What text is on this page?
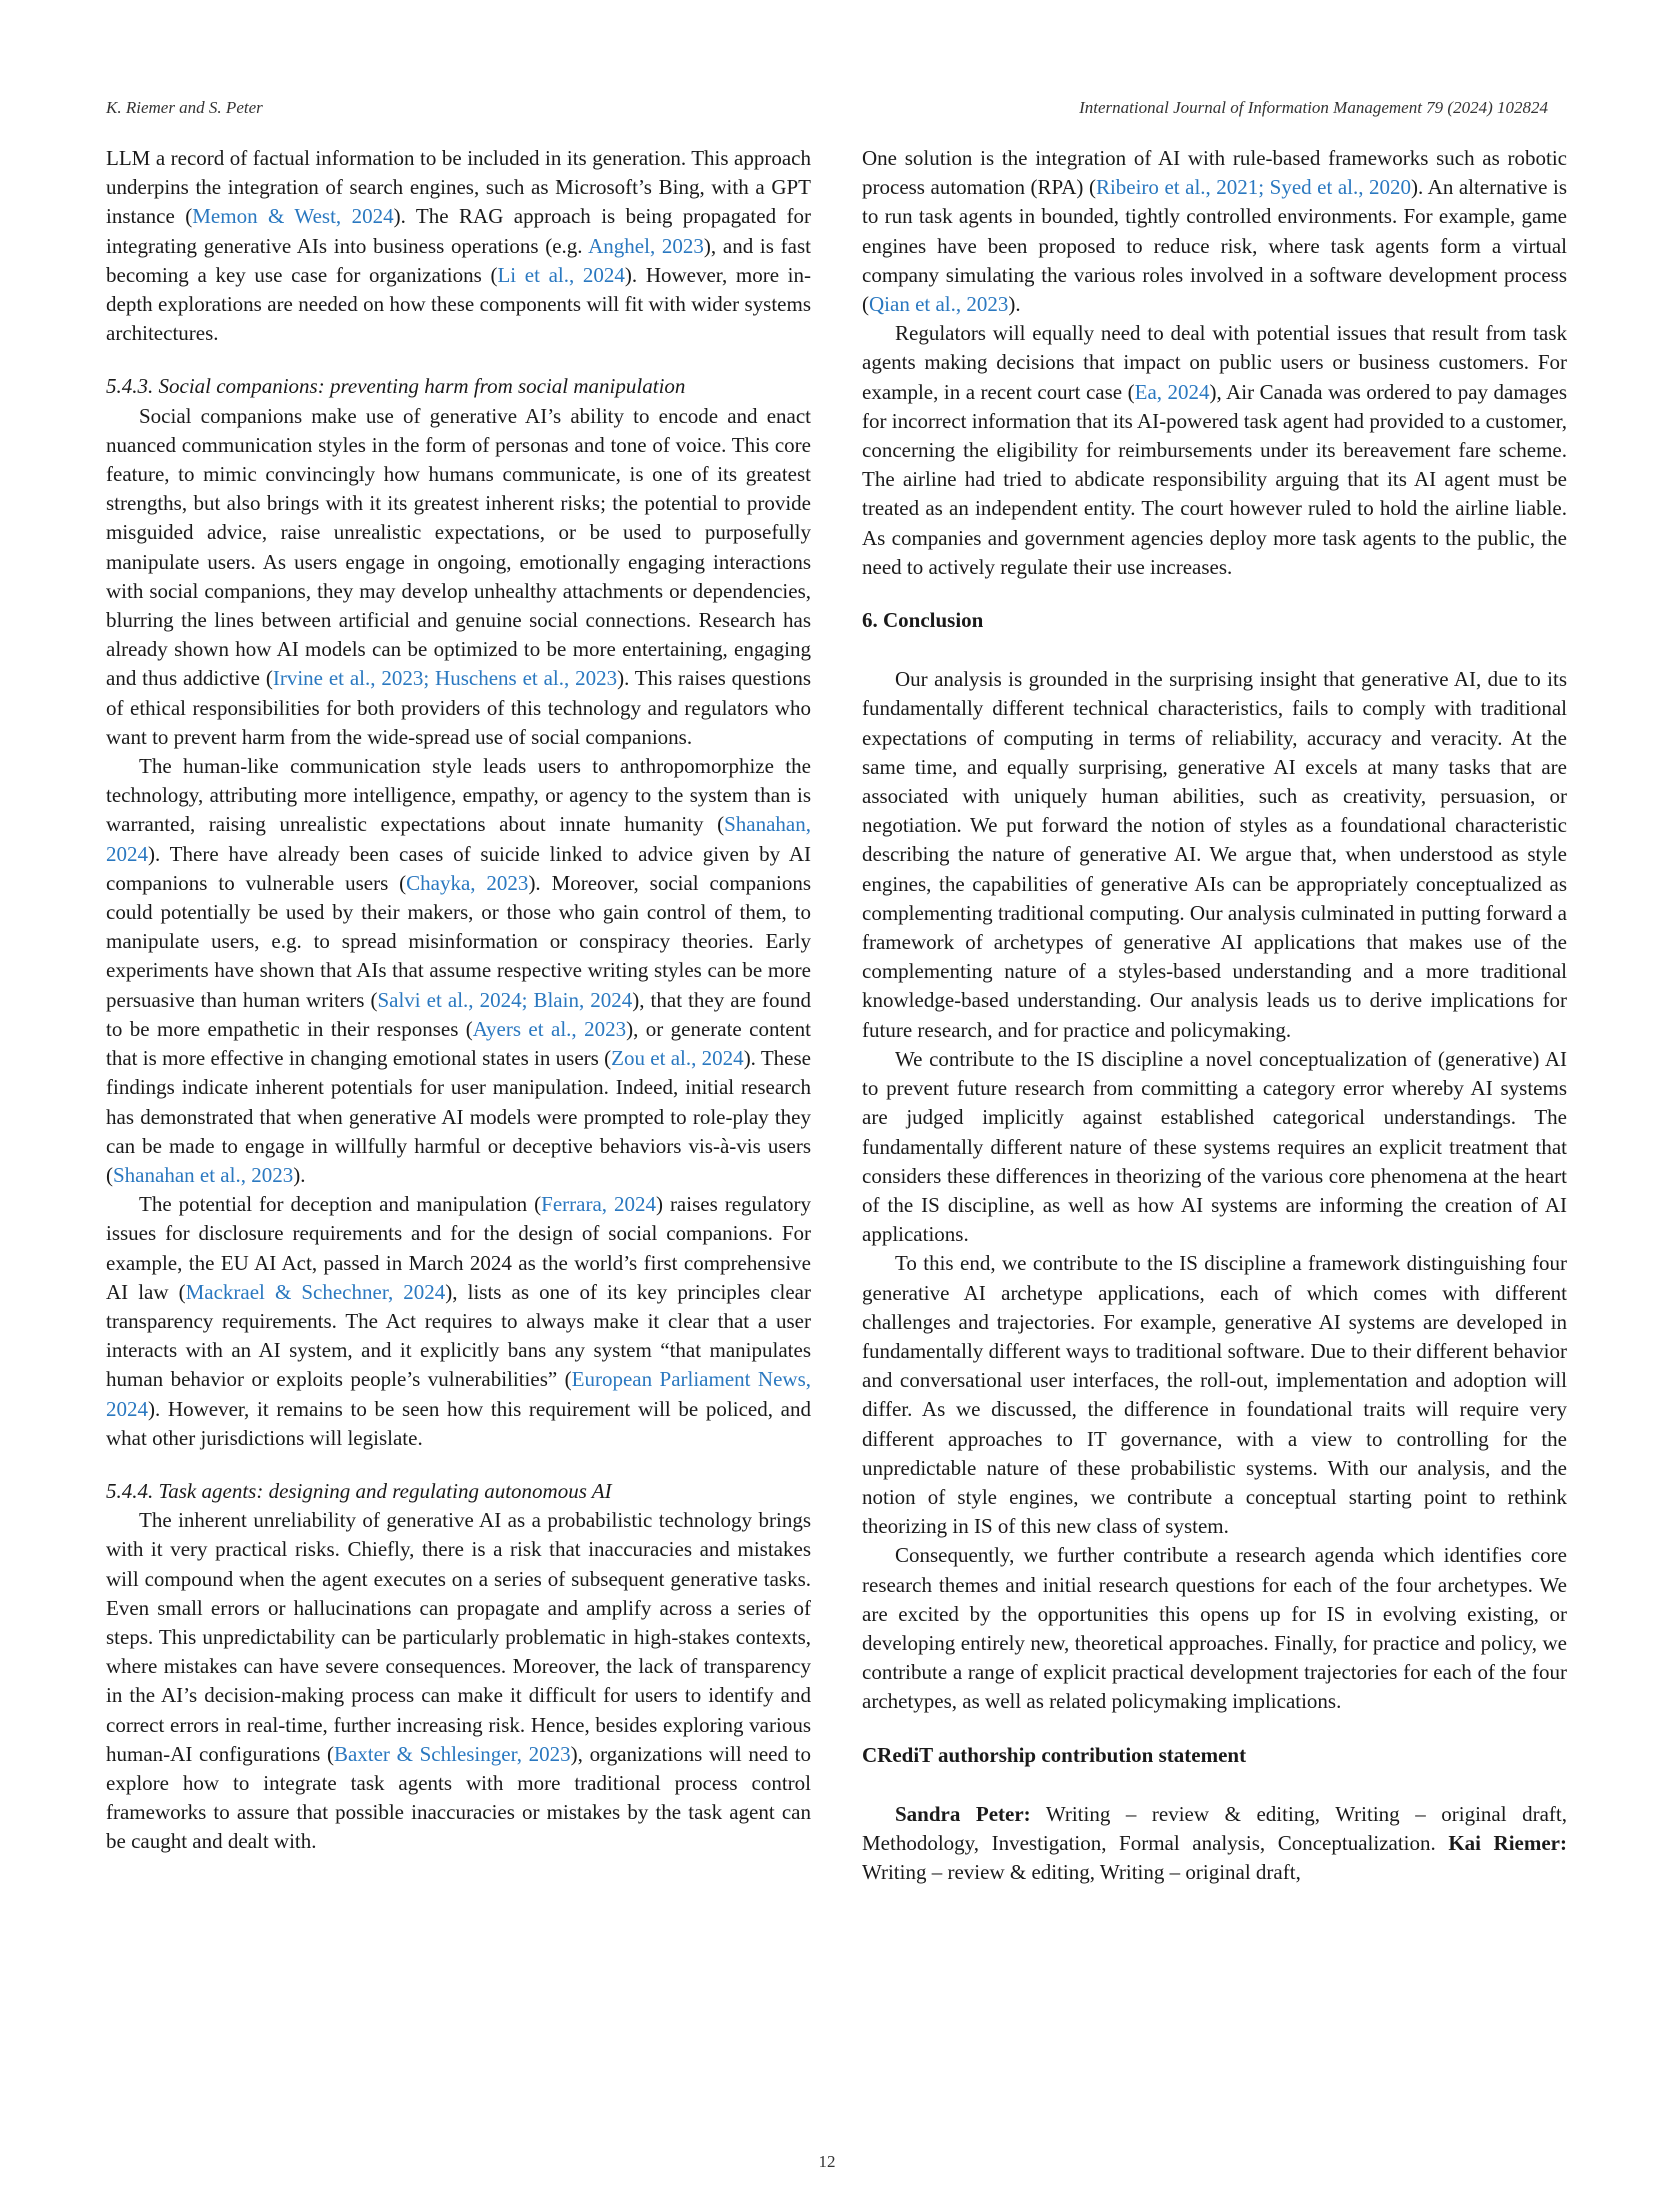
K. Riemer and S. Peter	International Journal of Information Management 79 (2024) 102824

LLM a record of factual information to be included in its generation. This approach underpins the integration of search engines, such as Microsoft’s Bing, with a GPT instance (Memon & West, 2024). The RAG approach is being propagated for integrating generative AIs into business operations (e.g. Anghel, 2023), and is fast becoming a key use case for organizations (Li et al., 2024). However, more in-depth explorations are needed on how these components will fit with wider systems architectures.

5.4.3. Social companions: preventing harm from social manipulation

Social companions make use of generative AI’s ability to encode and enact nuanced communication styles in the form of personas and tone of voice. This core feature, to mimic convincingly how humans communicate, is one of its greatest strengths, but also brings with it its greatest inherent risks; the potential to provide misguided advice, raise unrealistic expectations, or be used to purposefully manipulate users. As users engage in ongoing, emotionally engaging interactions with social companions, they may develop unhealthy attachments or dependencies, blurring the lines between artificial and genuine social connections. Research has already shown how AI models can be optimized to be more entertaining, engaging and thus addictive (Irvine et al., 2023; Huschens et al., 2023). This raises questions of ethical responsibilities for both providers of this technology and regulators who want to prevent harm from the wide-spread use of social companions.

The human-like communication style leads users to anthropomorphize the technology, attributing more intelligence, empathy, or agency to the system than is warranted, raising unrealistic expectations about innate humanity (Shanahan, 2024). There have already been cases of suicide linked to advice given by AI companions to vulnerable users (Chayka, 2023). Moreover, social companions could potentially be used by their makers, or those who gain control of them, to manipulate users, e.g. to spread misinformation or conspiracy theories. Early experiments have shown that AIs that assume respective writing styles can be more persuasive than human writers (Salvi et al., 2024; Blain, 2024), that they are found to be more empathetic in their responses (Ayers et al., 2023), or generate content that is more effective in changing emotional states in users (Zou et al., 2024). These findings indicate inherent potentials for user manipulation. Indeed, initial research has demonstrated that when generative AI models were prompted to role-play they can be made to engage in willfully harmful or deceptive behaviors vis-à-vis users (Shanahan et al., 2023).

The potential for deception and manipulation (Ferrara, 2024) raises regulatory issues for disclosure requirements and for the design of social companions. For example, the EU AI Act, passed in March 2024 as the world’s first comprehensive AI law (Mackrael & Schechner, 2024), lists as one of its key principles clear transparency requirements. The Act requires to always make it clear that a user interacts with an AI system, and it explicitly bans any system “that manipulates human behavior or exploits people’s vulnerabilities” (European Parliament News, 2024). However, it remains to be seen how this requirement will be policed, and what other jurisdictions will legislate.

5.4.4. Task agents: designing and regulating autonomous AI

The inherent unreliability of generative AI as a probabilistic technology brings with it very practical risks. Chiefly, there is a risk that inaccuracies and mistakes will compound when the agent executes on a series of subsequent generative tasks. Even small errors or hallucinations can propagate and amplify across a series of steps. This unpredictability can be particularly problematic in high-stakes contexts, where mistakes can have severe consequences. Moreover, the lack of transparency in the AI’s decision-making process can make it difficult for users to identify and correct errors in real-time, further increasing risk. Hence, besides exploring various human-AI configurations (Baxter & Schlesinger, 2023), organizations will need to explore how to integrate task agents with more traditional process control frameworks to assure that possible inaccuracies or mistakes by the task agent can be caught and dealt with.

One solution is the integration of AI with rule-based frameworks such as robotic process automation (RPA) (Ribeiro et al., 2021; Syed et al., 2020). An alternative is to run task agents in bounded, tightly controlled environments. For example, game engines have been proposed to reduce risk, where task agents form a virtual company simulating the various roles involved in a software development process (Qian et al., 2023).

Regulators will equally need to deal with potential issues that result from task agents making decisions that impact on public users or business customers. For example, in a recent court case (Ea, 2024), Air Canada was ordered to pay damages for incorrect information that its AI-powered task agent had provided to a customer, concerning the eligibility for reimbursements under its bereavement fare scheme. The airline had tried to abdicate responsibility arguing that its AI agent must be treated as an independent entity. The court however ruled to hold the airline liable. As companies and government agencies deploy more task agents to the public, the need to actively regulate their use increases.

6. Conclusion

Our analysis is grounded in the surprising insight that generative AI, due to its fundamentally different technical characteristics, fails to comply with traditional expectations of computing in terms of reliability, accuracy and veracity. At the same time, and equally surprising, generative AI excels at many tasks that are associated with uniquely human abilities, such as creativity, persuasion, or negotiation. We put forward the notion of styles as a foundational characteristic describing the nature of generative AI. We argue that, when understood as style engines, the capabilities of generative AIs can be appropriately conceptualized as complementing traditional computing. Our analysis culminated in putting forward a framework of archetypes of generative AI applications that makes use of the complementing nature of a styles-based understanding and a more traditional knowledge-based understanding. Our analysis leads us to derive implications for future research, and for practice and policymaking.

We contribute to the IS discipline a novel conceptualization of (generative) AI to prevent future research from committing a category error whereby AI systems are judged implicitly against established categorical understandings. The fundamentally different nature of these systems requires an explicit treatment that considers these differences in theorizing of the various core phenomena at the heart of the IS discipline, as well as how AI systems are informing the creation of AI applications.

To this end, we contribute to the IS discipline a framework distinguishing four generative AI archetype applications, each of which comes with different challenges and trajectories. For example, generative AI systems are developed in fundamentally different ways to traditional software. Due to their different behavior and conversational user interfaces, the roll-out, implementation and adoption will differ. As we discussed, the difference in foundational traits will require very different approaches to IT governance, with a view to controlling for the unpredictable nature of these probabilistic systems. With our analysis, and the notion of style engines, we contribute a conceptual starting point to rethink theorizing in IS of this new class of system.

Consequently, we further contribute a research agenda which identifies core research themes and initial research questions for each of the four archetypes. We are excited by the opportunities this opens up for IS in evolving existing, or developing entirely new, theoretical approaches. Finally, for practice and policy, we contribute a range of explicit practical development trajectories for each of the four archetypes, as well as related policymaking implications.

CRediT authorship contribution statement

Sandra Peter: Writing – review & editing, Writing – original draft, Methodology, Investigation, Formal analysis, Conceptualization. Kai Riemer: Writing – review & editing, Writing – original draft,

12
